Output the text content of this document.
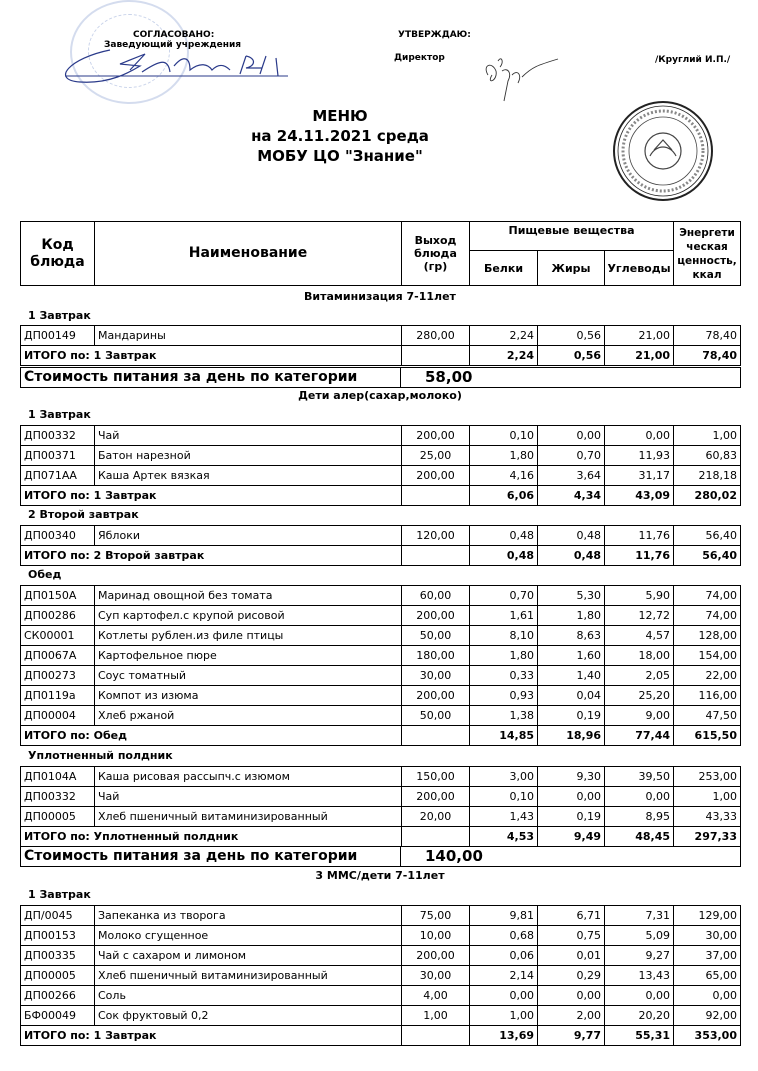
СОГЛАСОВАНО:
Заведующий учреждения
УТВЕРЖДАЮ:
Директор	/Круглий И.П./
МЕНЮ
на 24.11.2021 среда
МОБУ ЦО "Знание"
Код блюда	Наименование	Выход блюда (гр)	Пищевые вещества			Энергети ческая ценность, ккал
			Белки	Жиры	Углеводы	
Витаминизация 7-11лет
1 Завтрак
ДП00149	Мандарины	280,00	2,24	0,56	21,00	78,40
ИТОГО по: 1 Завтрак			2,24	0,56	21,00	78,40
Стоимость питания за день по категории	58,00
Дети алер(сахар,молоко)
1 Завтрак
ДП00332	Чай	200,00	0,10	0,00	0,00	1,00
ДП00371	Батон нарезной	25,00	1,80	0,70	11,93	60,83
ДП071АА	Каша Артек вязкая	200,00	4,16	3,64	31,17	218,18
ИТОГО по: 1 Завтрак			6,06	4,34	43,09	280,02
2 Второй завтрак
ДП00340	Яблоки	120,00	0,48	0,48	11,76	56,40
ИТОГО по: 2 Второй завтрак			0,48	0,48	11,76	56,40
Обед
ДП0150А	Маринад овощной без томата	60,00	0,70	5,30	5,90	74,00
ДП00286	Суп картофел.с крупой рисовой	200,00	1,61	1,80	12,72	74,00
СК00001	Котлеты рублен.из филе птицы	50,00	8,10	8,63	4,57	128,00
ДП0067А	Картофельное пюре	180,00	1,80	1,60	18,00	154,00
ДП00273	Соус томатный	30,00	0,33	1,40	2,05	22,00
ДП0119а	Компот из изюма	200,00	0,93	0,04	25,20	116,00
ДП00004	Хлеб ржаной	50,00	1,38	0,19	9,00	47,50
ИТОГО по: Обед			14,85	18,96	77,44	615,50
Уплотненный полдник
ДП0104А	Каша рисовая рассыпч.с изюмом	150,00	3,00	9,30	39,50	253,00
ДП00332	Чай	200,00	0,10	0,00	0,00	1,00
ДП00005	Хлеб пшеничный витаминизированный	20,00	1,43	0,19	8,95	43,33
ИТОГО по: Уплотненный полдник			4,53	9,49	48,45	297,33
Стоимость питания за день по категории	140,00
3 ММС/дети 7-11лет
1 Завтрак
ДП/0045	Запеканка из творога	75,00	9,81	6,71	7,31	129,00
ДП00153	Молоко сгущенное	10,00	0,68	0,75	5,09	30,00
ДП00335	Чай с сахаром и лимоном	200,00	0,06	0,01	9,27	37,00
ДП00005	Хлеб пшеничный витаминизированный	30,00	2,14	0,29	13,43	65,00
ДП00266	Соль	4,00	0,00	0,00	0,00	0,00
БФ00049	Сок фруктовый 0,2	1,00	1,00	2,00	20,20	92,00
ИТОГО по: 1 Завтрак			13,69	9,77	55,31	353,00
